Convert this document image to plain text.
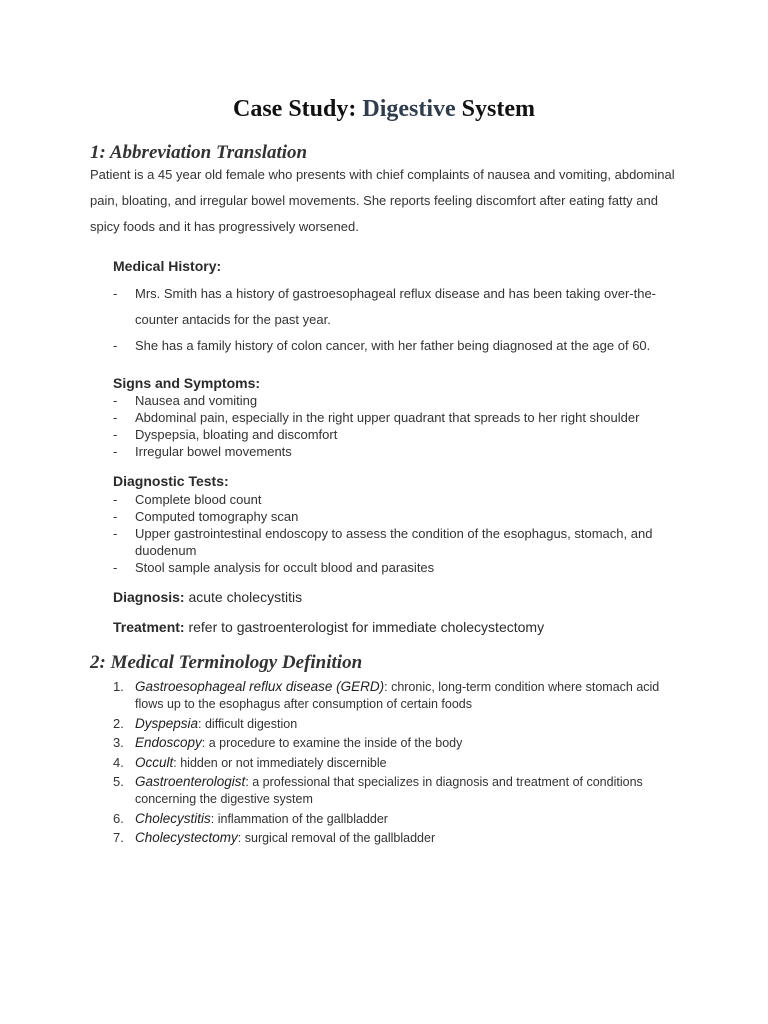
Case Study: Digestive System
1: Abbreviation Translation

Patient is a 45 year old female who presents with chief complaints of nausea and vomiting, abdominal pain, bloating, and irregular bowel movements. She reports feeling discomfort after eating fatty and spicy foods and it has progressively worsened.

Medical History:
- Mrs. Smith has a history of gastroesophageal reflux disease and has been taking over-the-counter antacids for the past year.
- She has a family history of colon cancer, with her father being diagnosed at the age of 60.
Signs and Symptoms:
- Nausea and vomiting
- Abdominal pain, especially in the right upper quadrant that spreads to her right shoulder
- Dyspepsia, bloating and discomfort
- Irregular bowel movements
Diagnostic Tests:
- Complete blood count
- Computed tomography scan
- Upper gastrointestinal endoscopy to assess the condition of the esophagus, stomach, and duodenum
- Stool sample analysis for occult blood and parasites
Diagnosis: acute cholecystitis
Treatment: refer to gastroenterologist for immediate cholecystectomy
2: Medical Terminology Definition
1. Gastroesophageal reflux disease (GERD): chronic, long-term condition where stomach acid flows up to the esophagus after consumption of certain foods
2. Dyspepsia: difficult digestion
3. Endoscopy: a procedure to examine the inside of the body
4. Occult: hidden or not immediately discernible
5. Gastroenterologist: a professional that specializes in diagnosis and treatment of conditions concerning the digestive system
6. Cholecystitis: inflammation of the gallbladder
7. Cholecystectomy: surgical removal of the gallbladder
